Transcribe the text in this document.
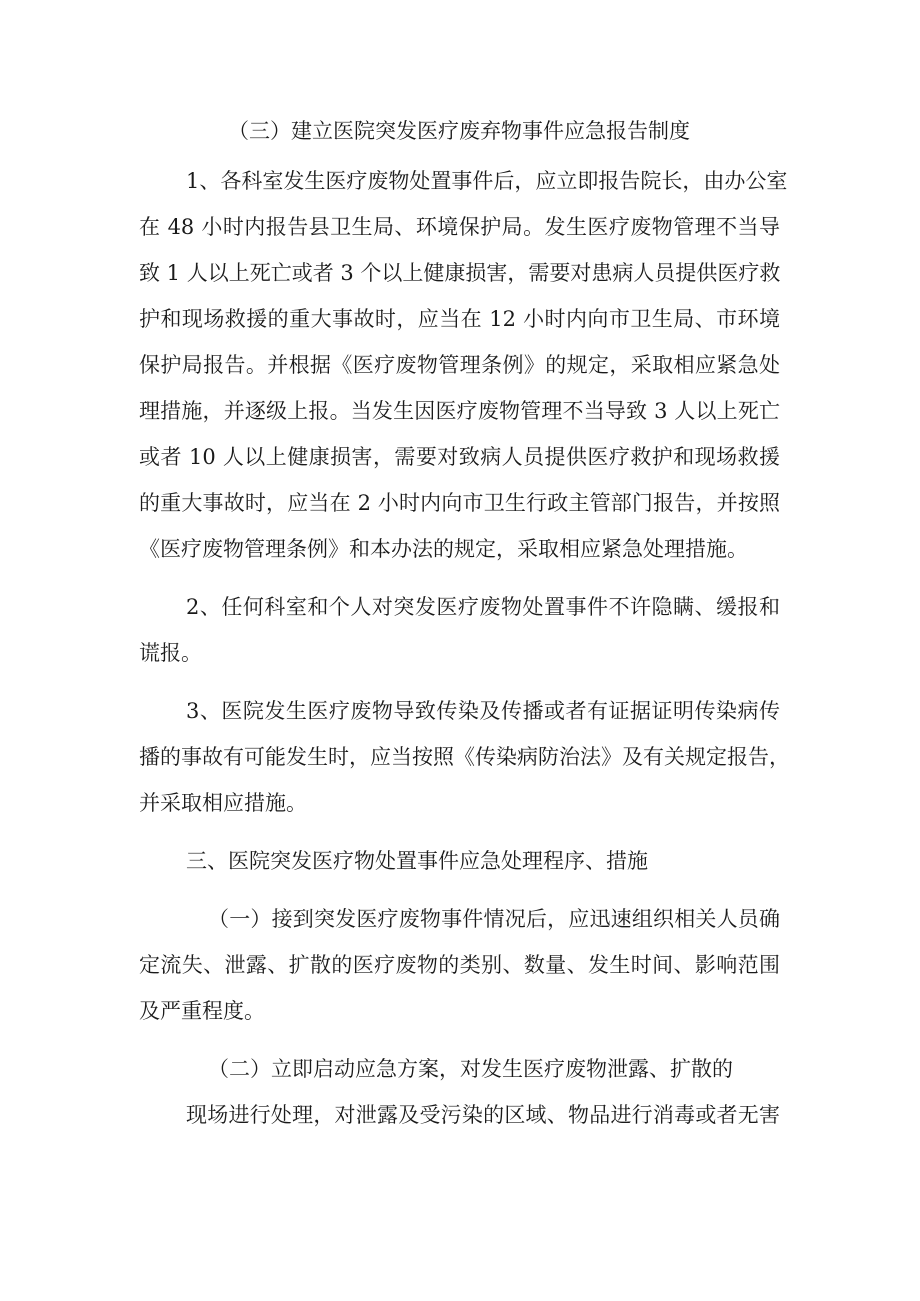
（三）建立医院突发医疗废弃物事件应急报告制度
1、各科室发生医疗废物处置事件后，应立即报告院长，由办公室
在 48 小时内报告县卫生局、环境保护局。发生医疗废物管理不当导
致 1 人以上死亡或者 3 个以上健康损害，需要对患病人员提供医疗救
护和现场救援的重大事故时，应当在 12 小时内向市卫生局、市环境
保护局报告。并根据《医疗废物管理条例》的规定，采取相应紧急处
理措施，并逐级上报。当发生因医疗废物管理不当导致 3 人以上死亡
或者 10 人以上健康损害，需要对致病人员提供医疗救护和现场救援
的重大事故时，应当在 2 小时内向市卫生行政主管部门报告，并按照
《医疗废物管理条例》和本办法的规定，采取相应紧急处理措施。
2、任何科室和个人对突发医疗废物处置事件不许隐瞒、缓报和
谎报。
3、医院发生医疗废物导致传染及传播或者有证据证明传染病传
播的事故有可能发生时，应当按照《传染病防治法》及有关规定报告，
并采取相应措施。
三、医院突发医疗物处置事件应急处理程序、措施
（一）接到突发医疗废物事件情况后，应迅速组织相关人员确
定流失、泄露、扩散的医疗废物的类别、数量、发生时间、影响范围
及严重程度。
（二）立即启动应急方案，对发生医疗废物泄露、扩散的
现场进行处理，对泄露及受污染的区域、物品进行消毒或者无害
